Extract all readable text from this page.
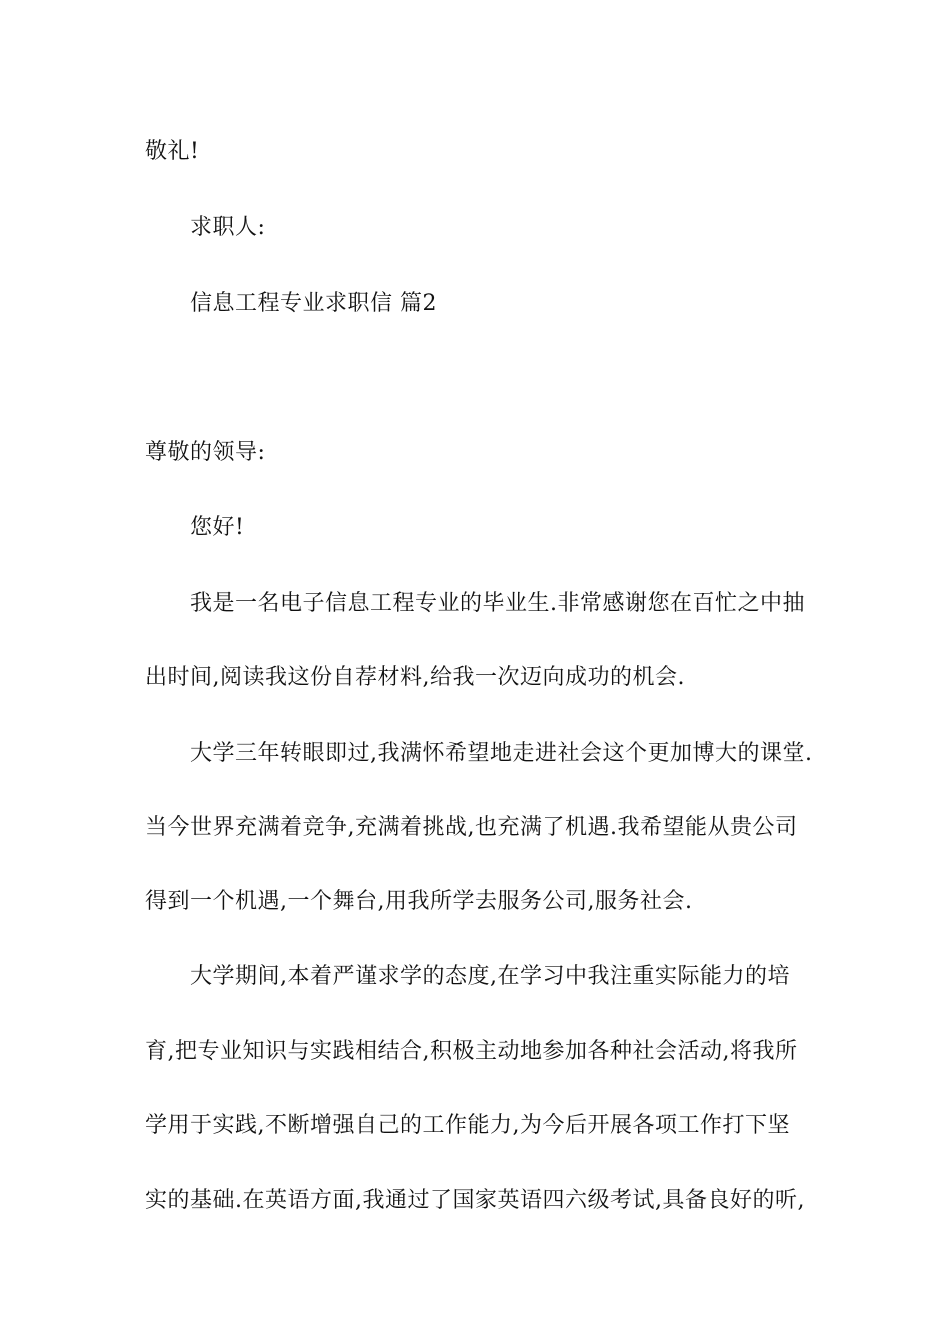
敬礼!
求职人:
信息工程专业求职信 篇2
尊敬的领导:
您好!
我是一名电子信息工程专业的毕业生.非常感谢您在百忙之中抽
出时间,阅读我这份自荐材料,给我一次迈向成功的机会.
大学三年转眼即过,我满怀希望地走进社会这个更加博大的课堂.
当今世界充满着竞争,充满着挑战,也充满了机遇.我希望能从贵公司
得到一个机遇,一个舞台,用我所学去服务公司,服务社会.
大学期间,本着严谨求学的态度,在学习中我注重实际能力的培
育,把专业知识与实践相结合,积极主动地参加各种社会活动,将我所
学用于实践,不断增强自己的工作能力,为今后开展各项工作打下坚
实的基础.在英语方面,我通过了国家英语四六级考试,具备良好的听,
